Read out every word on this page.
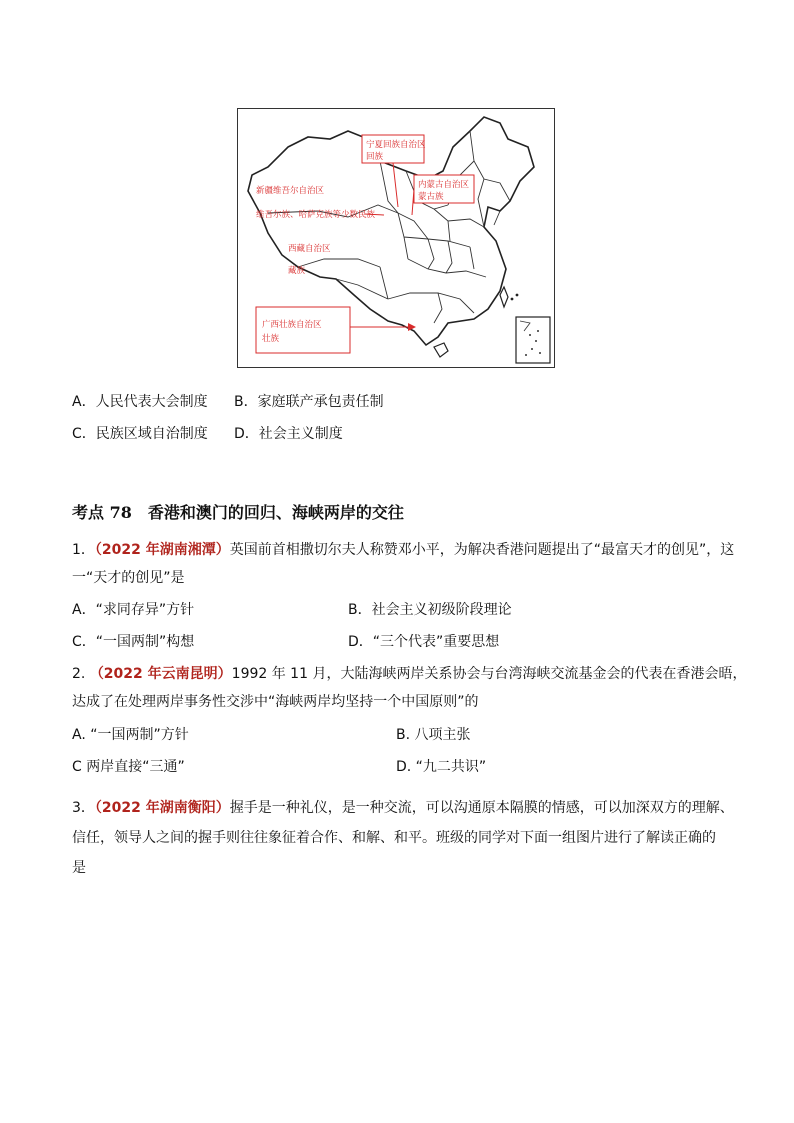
宁夏回族自治区
回族
内蒙古自治区
蒙古族
新疆维吾尔自治区
维吾尔族、哈萨克族等少数民族
西藏自治区
藏族
广西壮族自治区
壮族
A．人民代表大会制度 B．家庭联产承包责任制
C．民族区域自治制度 D．社会主义制度
考点 78　香港和澳门的回归、海峡两岸的交往
1．（2022 年湖南湘潭）英国前首相撒切尔夫人称赞邓小平，为解决香港问题提出了“最富天才的创见”，这
一“天才的创见”是
A．“求同存异”方针	B．社会主义初级阶段理论
C．“一国两制”构想	D．“三个代表”重要思想
2. （2022 年云南昆明）1992 年 11 月，大陆海峡两岸关系协会与台湾海峡交流基金会的代表在香港会晤，
达成了在处理两岸事务性交涉中“海峡两岸均坚持一个中国原则”的
A. “一国两制”方针	B. 八项主张
C 两岸直接“三通”	D. “九二共识”
3．（2022 年湖南衡阳）握手是一种礼仪，是一种交流，可以沟通原本隔膜的情感，可以加深双方的理解、
信任，领导人之间的握手则往往象征着合作、和解、和平。班级的同学对下面一组图片进行了解读正确的
是
